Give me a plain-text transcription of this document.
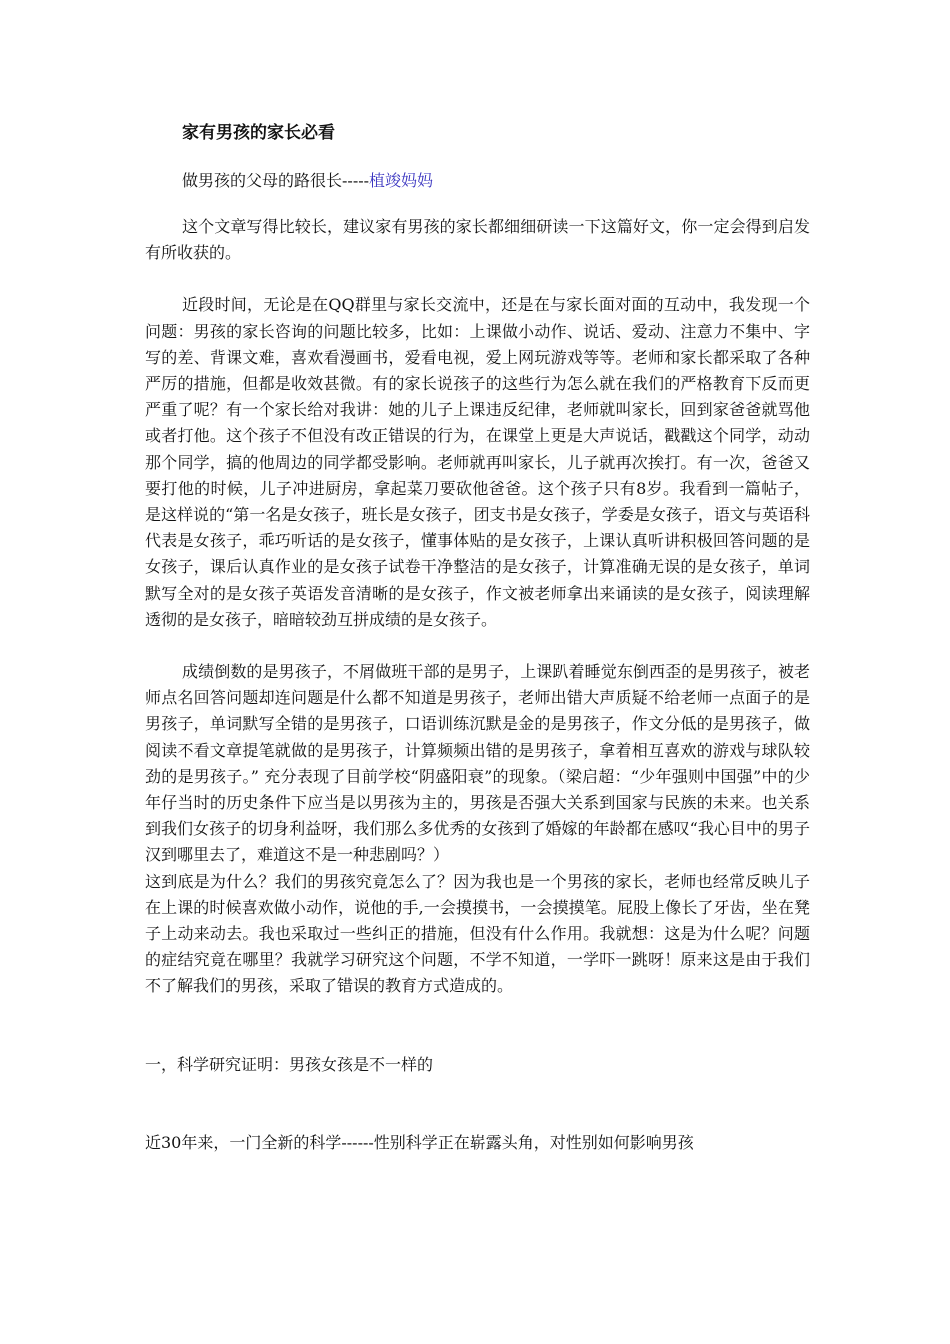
家有男孩的家长必看
做男孩的父母的路很长-----植竣妈妈

这个文章写得比较长，建议家有男孩的家长都细细研读一下这篇好文，你一定会得到启发有所收获的。

近段时间，无论是在QQ群里与家长交流中，还是在与家长面对面的互动中，我发现一个问题：男孩的家长咨询的问题比较多，比如：上课做小动作、说话、爱动、注意力不集中、字写的差、背课文难，喜欢看漫画书，爱看电视，爱上网玩游戏等等。老师和家长都采取了各种严厉的措施，但都是收效甚微。有的家长说孩子的这些行为怎么就在我们的严格教育下反而更严重了呢？有一个家长给对我讲：她的儿子上课违反纪律，老师就叫家长，回到家爸爸就骂他或者打他。这个孩子不但没有改正错误的行为，在课堂上更是大声说话，戳戳这个同学，动动那个同学，搞的他周边的同学都受影响。老师就再叫家长，儿子就再次挨打。有一次，爸爸又要打他的时候，儿子冲进厨房，拿起菜刀要砍他爸爸。这个孩子只有8岁。我看到一篇帖子，是这样说的“第一名是女孩子，班长是女孩子，团支书是女孩子，学委是女孩子，语文与英语科代表是女孩子，乖巧听话的是女孩子，懂事体贴的是女孩子，上课认真听讲积极回答问题的是女孩子，课后认真作业的是女孩子试卷干净整洁的是女孩子，计算准确无误的是女孩子，单词默写全对的是女孩子英语发音清晰的是女孩子，作文被老师拿出来诵读的是女孩子，阅读理解透彻的是女孩子，暗暗较劲互拼成绩的是女孩子。

成绩倒数的是男孩子，不屑做班干部的是男子，上课趴着睡觉东倒西歪的是男孩子，被老师点名回答问题却连问题是什么都不知道是男孩子，老师出错大声质疑不给老师一点面子的是男孩子，单词默写全错的是男孩子，口语训练沉默是金的是男孩子，作文分低的是男孩子，做阅读不看文章提笔就做的是男孩子，计算频频出错的是男孩子，拿着相互喜欢的游戏与球队较劲的是男孩子。” 充分表现了目前学校“阴盛阳衰”的现象。（梁启超：“少年强则中国强”中的少年仔当时的历史条件下应当是以男孩为主的，男孩是否强大关系到国家与民族的未来。也关系到我们女孩子的切身利益呀，我们那么多优秀的女孩到了婚嫁的年龄都在感叹“我心目中的男子汉到哪里去了，难道这不是一种悲剧吗？）

这到底是为什么？我们的男孩究竟怎么了？因为我也是一个男孩的家长，老师也经常反映儿子在上课的时候喜欢做小动作，说他的手,一会摸摸书，一会摸摸笔。屁股上像长了牙齿，坐在凳子上动来动去。我也采取过一些纠正的措施，但没有什么作用。我就想：这是为什么呢？问题的症结究竟在哪里？我就学习研究这个问题，不学不知道，一学吓一跳呀！原来这是由于我们不了解我们的男孩，采取了错误的教育方式造成的。

一，科学研究证明：男孩女孩是不一样的
近30年来，一门全新的科学------性别科学正在崭露头角，对性别如何影响男孩
